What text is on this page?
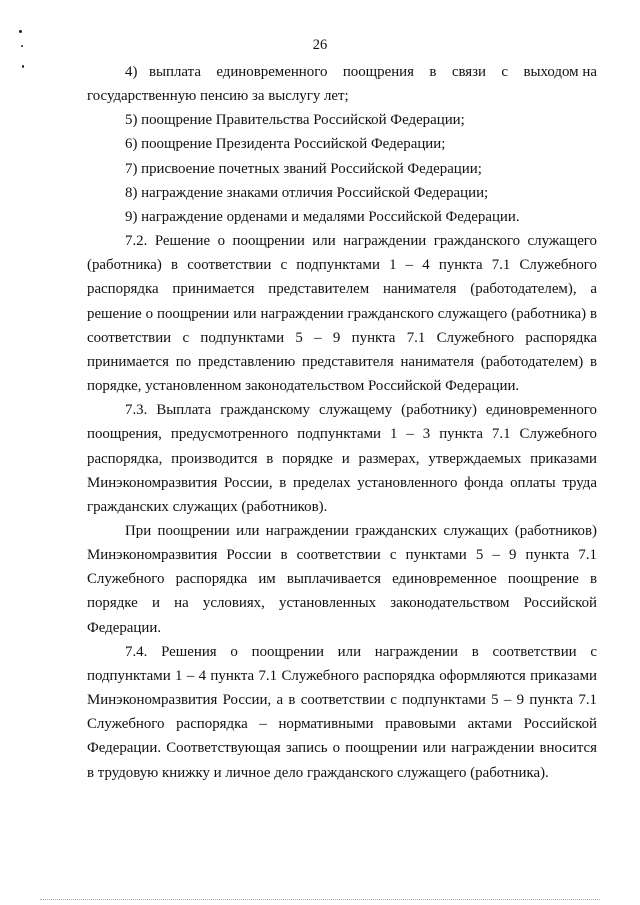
26

4)   выплата    единовременного    поощрения    в    связи    с    выходом на государственную пенсию за выслугу лет;

5) поощрение Правительства Российской Федерации;

6) поощрение Президента Российской Федерации;

7) присвоение почетных званий Российской Федерации;

8) награждение знаками отличия Российской Федерации;

9) награждение орденами и медалями Российской Федерации.

7.2. Решение о поощрении или награждении гражданского служащего (работника) в соответствии с подпунктами 1 – 4 пункта 7.1 Служебного распорядка принимается представителем нанимателя (работодателем), а решение о поощрении или награждении гражданского служащего (работника) в соответствии с подпунктами 5 – 9 пункта 7.1 Служебного распорядка принимается по представлению представителя нанимателя (работодателем) в порядке, установленном законодательством Российской Федерации.

7.3. Выплата гражданскому служащему (работнику) единовременного поощрения, предусмотренного подпунктами 1 – 3 пункта 7.1 Служебного распорядка, производится в порядке и размерах, утверждаемых приказами Минэкономразвития России, в пределах установленного фонда оплаты труда гражданских служащих (работников).

При поощрении или награждении гражданских служащих (работников) Минэкономразвития России в соответствии с пунктами 5 – 9 пункта 7.1 Служебного распорядка им выплачивается единовременное поощрение в порядке и на условиях, установленных законодательством Российской Федерации.

7.4. Решения о поощрении или награждении в соответствии с подпунктами 1 – 4 пункта 7.1 Служебного распорядка оформляются приказами Минэкономразвития России, а в соответствии с подпунктами 5 – 9 пункта 7.1 Служебного распорядка – нормативными правовыми актами Российской Федерации. Соответствующая запись о поощрении или награждении вносится в трудовую книжку и личное дело гражданского служащего (работника).
